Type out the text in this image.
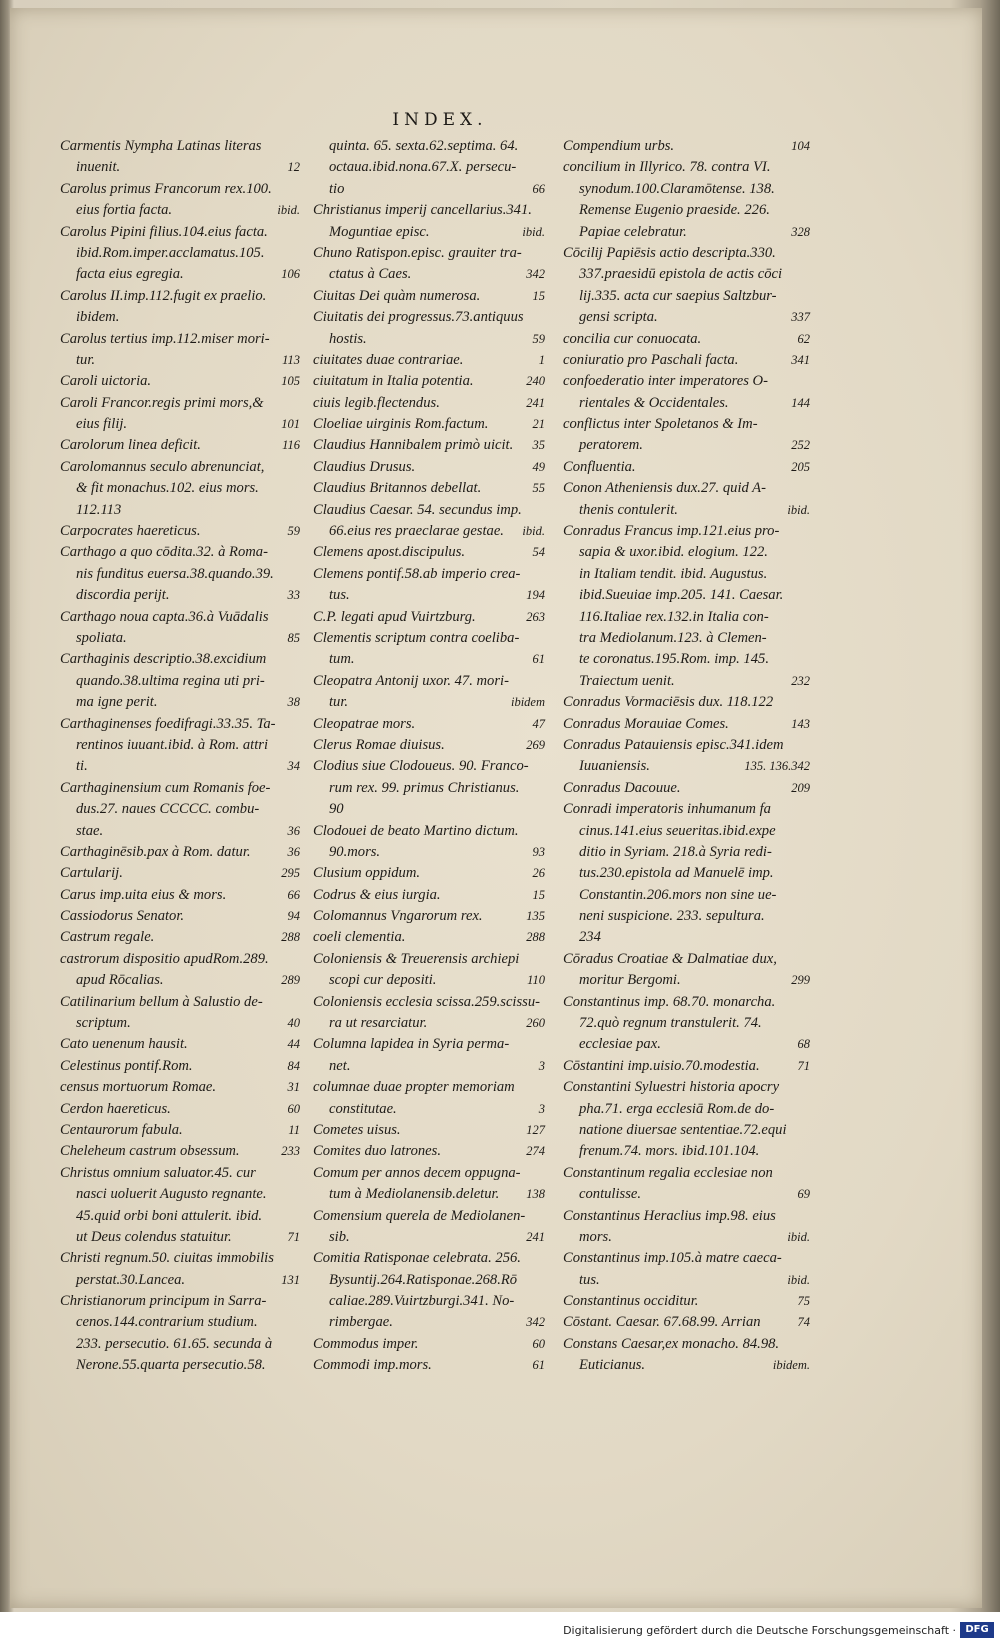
INDEX.
Carmentis Nympha Latinas literas
inuenit.	12
Carolus primus Francorum rex.100.
eius fortia facta.	ibid.
Carolus Pipini filius.104.eius facta.
ibid.Rom.imper.acclamatus.105.
facta eius egregia.	106
Carolus II.imp.112.fugit ex praelio.
ibidem.
Carolus tertius imp.112.miser mori-
tur.	113
Caroli uictoria.	105
Caroli Francor.regis primi mors,&
eius filij.	101
Carolorum linea deficit.	116
Carolomannus seculo abrenunciat,
& fit monachus.102. eius mors.
112.113
Carpocrates haereticus.	59
Carthago a quo cōdita.32. à Roma-
nis funditus euersa.38.quando.39.
discordia perijt.	33
Carthago noua capta.36.à Vuādalis
spoliata.	85
Carthaginis descriptio.38.excidium
quando.38.ultima regina uti pri-
ma igne perit.	38
Carthaginenses foedifragi.33.35. Ta-
rentinos iuuant.ibid. à Rom. attri
ti.	34
Carthaginensium cum Romanis foe-
dus.27. naues CCCCC. combu-
stae.	36
Carthaginēsib.pax à Rom. datur.	36
Cartularij.	295
Carus imp.uita eius & mors.	66
Cassiodorus Senator.	94
Castrum regale.	288
castrorum dispositio apudRom.289.
apud Rōcalias.	289
Catilinarium bellum à Salustio de-
scriptum.	40
Cato uenenum hausit.	44
Celestinus pontif.Rom.	84
census mortuorum Romae.	31
Cerdon haereticus.	60
Centaurorum fabula.	11
Cheleheum castrum obsessum.	233
Christus omnium saluator.45. cur
nasci uoluerit Augusto regnante.
45.quid orbi boni attulerit. ibid.
ut Deus colendus statuitur.	71
Christi regnum.50. ciuitas immobilis
perstat.30.Lancea.	131
Christianorum principum in Sarra-
cenos.144.contrarium studium.
233. persecutio. 61.65. secunda à
Nerone.55.quarta persecutio.58.
quinta. 65. sexta.62.septima. 64.
octaua.ibid.nona.67.X. persecu-
tio	66
Christianus imperij cancellarius.341.
Moguntiae episc.	ibid.
Chuno Ratispon.episc. grauiter tra-
ctatus à Caes.	342
Ciuitas Dei quàm numerosa.	15
Ciuitatis dei progressus.73.antiquus
hostis.	59
ciuitates duae contrariae.	1
ciuitatum in Italia potentia.	240
ciuis legib.flectendus.	241
Cloeliae uirginis Rom.factum.	21
Claudius Hannibalem primò uicit. 35
Claudius Drusus.	49
Claudius Britannos debellat.	55
Claudius Caesar. 54. secundus imp.
66.eius res praeclarae gestae. ibid.
Clemens apost.discipulus.	54
Clemens pontif.58.ab imperio crea-
tus.	194
C.P. legati apud Vuirtzburg.	263
Clementis scriptum contra coeliba-
tum.	61
Cleopatra Antonij uxor. 47. mori-
tur.	ibidem
Cleopatrae mors.	47
Clerus Romae diuisus.	269
Clodius siue Clodoueus. 90. Franco-
rum rex. 99. primus Christianus.
90
Clodouei de beato Martino dictum.
90.mors.	93
Clusium oppidum.	26
Codrus & eius iurgia.	15
Colomannus Vngarorum rex.	135
coeli clementia.	288
Coloniensis & Treuerensis archiepi
scopi cur depositi.	110
Coloniensis ecclesia scissa.259.scissu-
ra ut resarciatur.	260
Columna lapidea in Syria perma-
net.	3
columnae duae propter memoriam
constitutae.	3
Cometes uisus.	127
Comites duo latrones.	274
Comum per annos decem oppugna-
tum à Mediolanensib.deletur. 138
Comensium querela de Mediolanen-
sib.	241
Comitia Ratisponae celebrata. 256.
Bysuntij.264.Ratisponae.268.Rō
caliae.289.Vuirtzburgi.341. No-
rimbergae.	342
Commodus imper.	60
Commodi imp.mors.	61
Compendium urbs.	104
concilium in Illyrico. 78. contra VI.
synodum.100.Claramōtense. 138.
Remense Eugenio praeside. 226.
Papiae celebratur.	328
Cōcilij Papiēsis actio descripta.330.
337.praesidū epistola de actis cōci
lij.335. acta cur saepius Saltzbur-
gensi scripta.	337
concilia cur conuocata.	62
coniuratio pro Paschali facta.	341
confoederatio inter imperatores O-
rientales & Occidentales.	144
conflictus inter Spoletanos & Im-
peratorem.	252
Confluentia.	205
Conon Atheniensis dux.27. quid A-
thenis contulerit.	ibid.
Conradus Francus imp.121.eius pro-
sapia & uxor.ibid. elogium. 122.
in Italiam tendit. ibid. Augustus.
ibid.Sueuiae imp.205. 141. Caesar.
116.Italiae rex.132.in Italia con-
tra Mediolanum.123. à Clemen-
te coronatus.195.Rom. imp. 145.
Traiectum uenit.	232
Conradus Vormaciēsis dux. 118.122
Conradus Morauiae Comes.	143
Conradus Patauiensis episc.341.idem
Iuuaniensis.	135. 136.342
Conradus Dacouue.	209
Conradi imperatoris inhumanum fa
cinus.141.eius seueritas.ibid.expe
ditio in Syriam. 218.à Syria redi-
tus.230.epistola ad Manuelē imp.
Constantin.206.mors non sine ue-
neni suspicione. 233. sepultura.
234
Cōradus Croatiae & Dalmatiae dux,
moritur Bergomi.	299
Constantinus imp. 68.70. monarcha.
72.quò regnum transtulerit. 74.
ecclesiae pax.	68
Cōstantini imp.uisio.70.modestia.	71
Constantini Syluestri historia apocry
pha.71. erga ecclesiā Rom.de do-
natione diuersae sententiae.72.equi
frenum.74. mors. ibid.101.104.
Constantinum regalia ecclesiae non
contulisse.	69
Constantinus Heraclius imp.98. eius
mors.	ibid.
Constantinus imp.105.à matre caeca-
tus.	ibid.
Constantinus occiditur.	75
Cōstant. Caesar. 67.68.99. Arrian	74
Constans Caesar,ex monacho. 84.98.
Euticianus.	ibidem.
Digitalisierung gefördert durch die Deutsche Forschungsgemeinschaft · DFG
